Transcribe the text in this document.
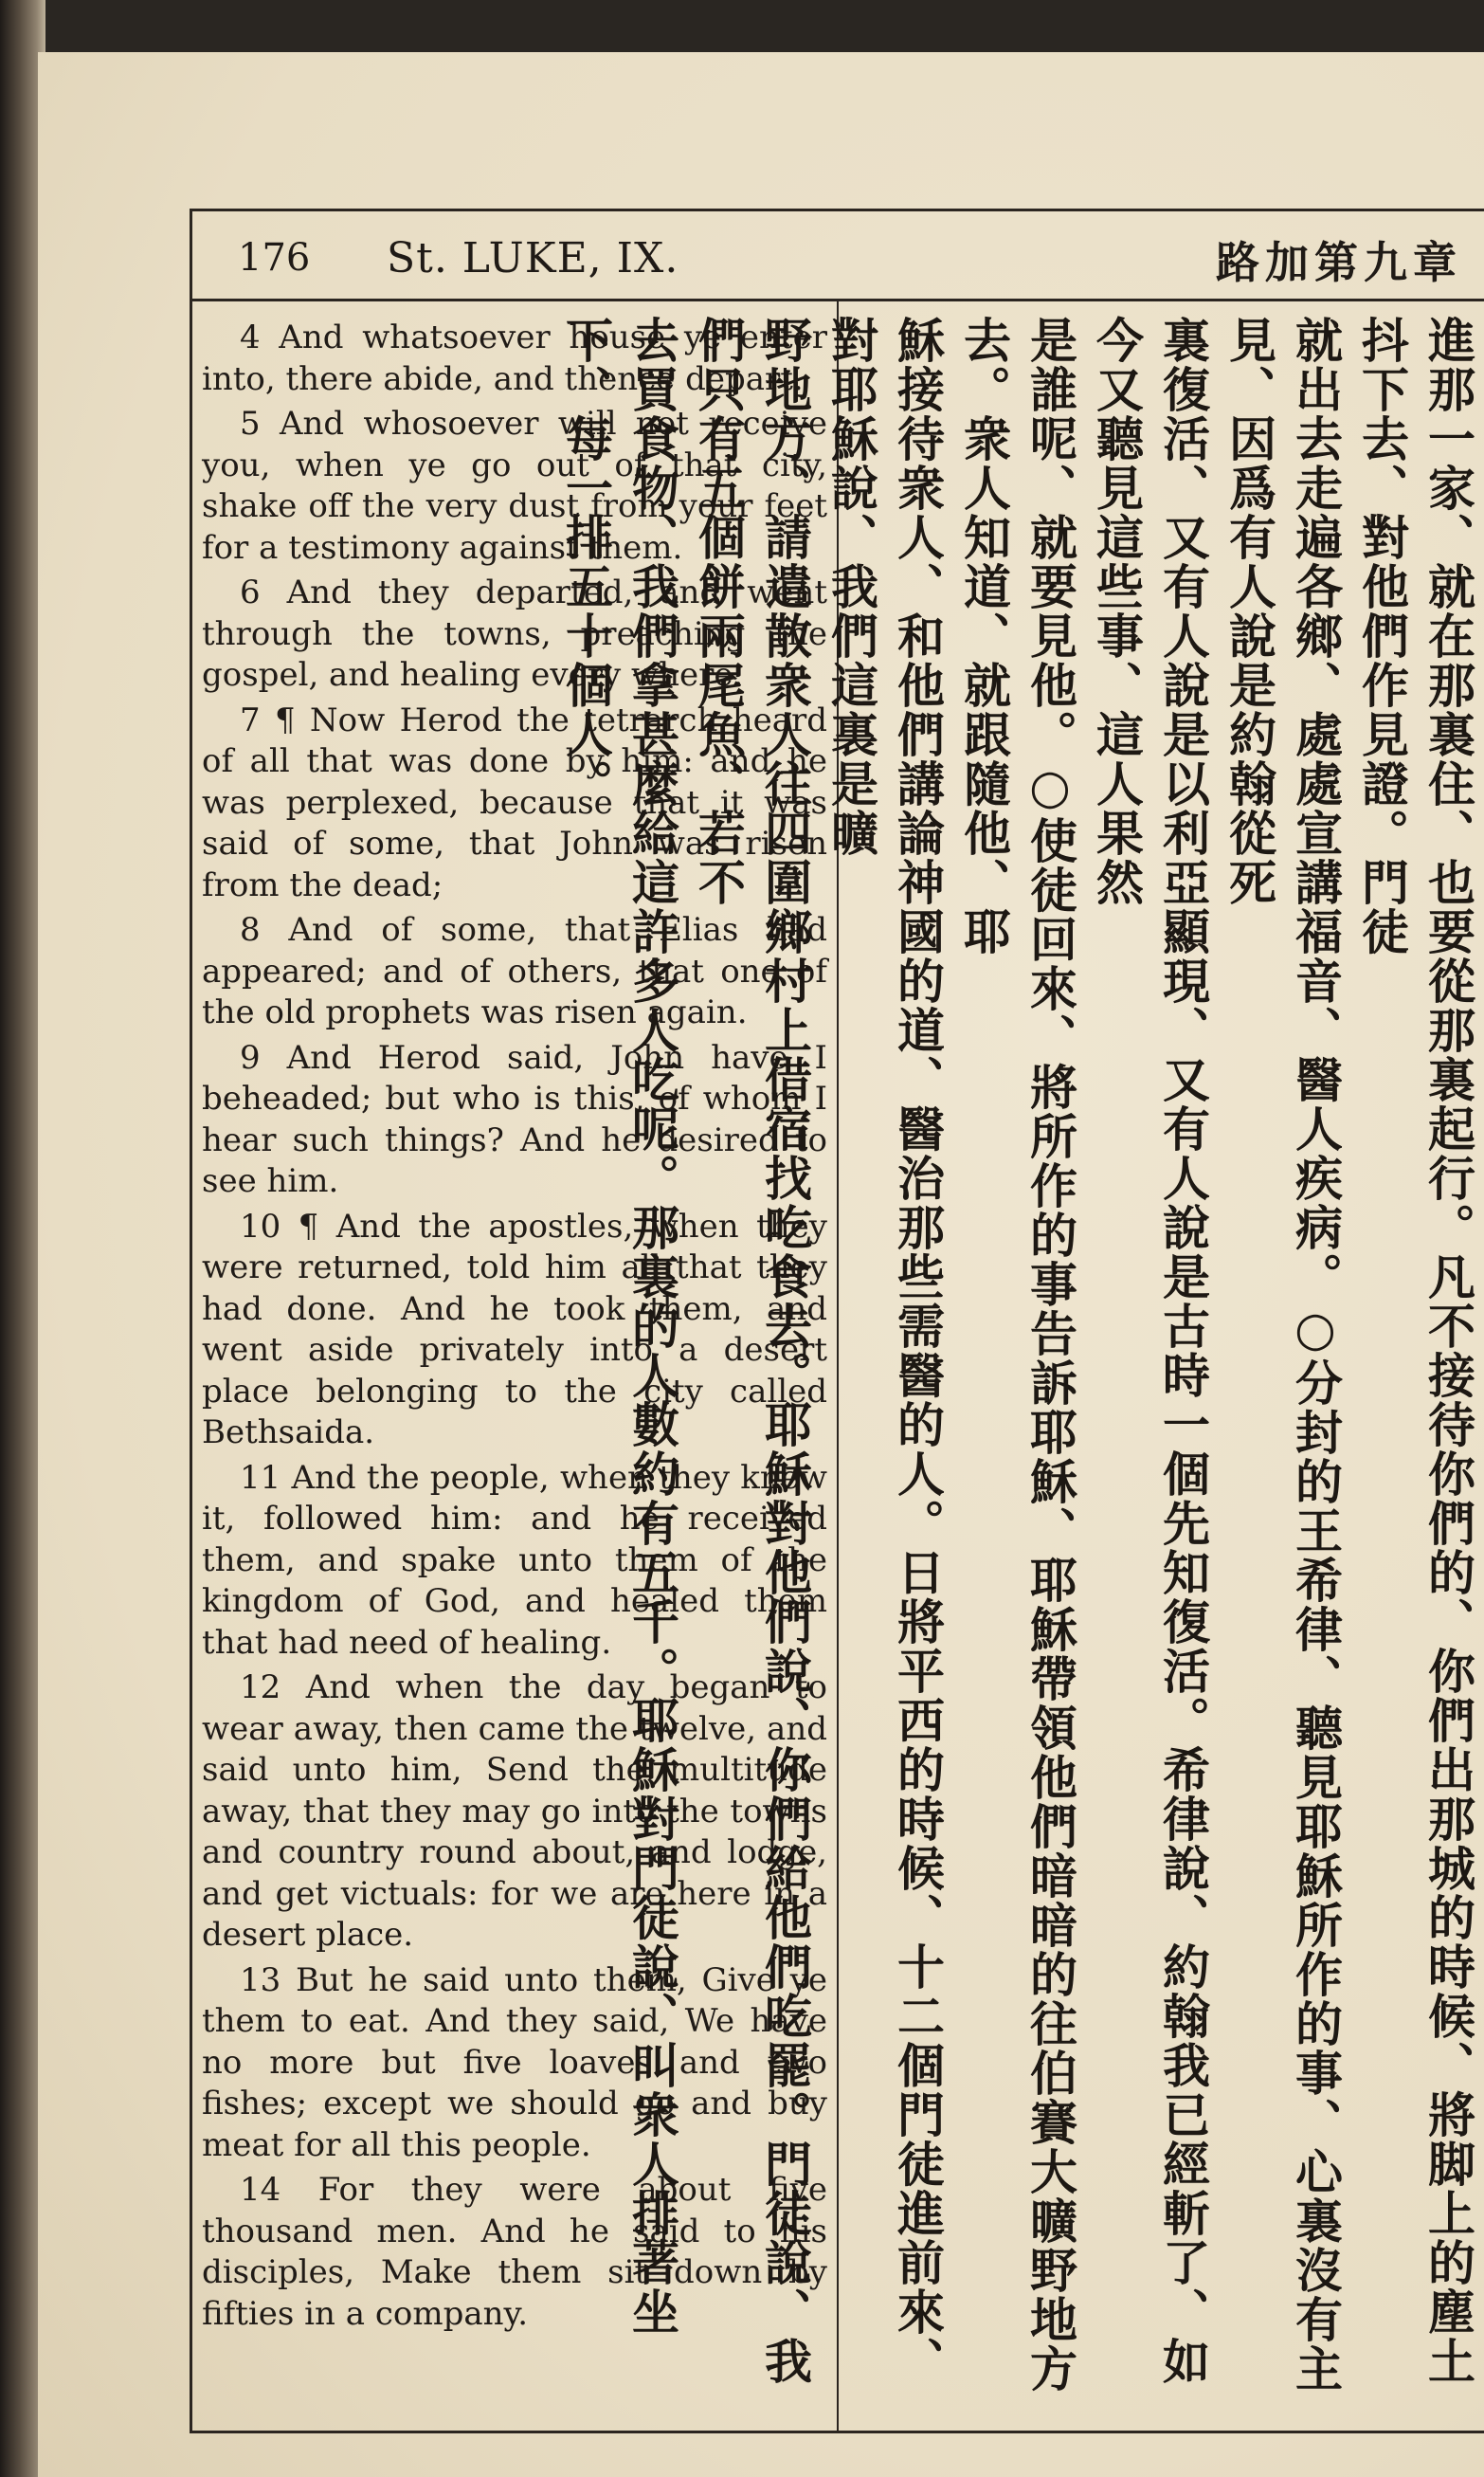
176 St. LUKE, IX.	路加第九章

4 And whatsoever house ye enter into, there abide, and thence depart.

5 And whosoever will not receive you, when ye go out of that city, shake off the very dust from your feet for a testimony against them.

6 And they departed, and went through the towns, preaching the gospel, and healing every where.

7 ¶ Now Herod the tetrarch heard of all that was done by him: and he was perplexed, because that it was said of some, that John was risen from the dead;

8 And of some, that Elias had appeared; and of others, that one of the old prophets was risen again.

9 And Herod said, John have I beheaded; but who is this, of whom I hear such things? And he desired to see him.

10 ¶ And the apostles, when they were returned, told him all that they had done. And he took them, and went aside privately into a desert place belonging to the city called Bethsaida.

11 And the people, when they knew it, followed him: and he received them, and spake unto them of the kingdom of God, and healed them that had need of healing.

12 And when the day began to wear away, then came the twelve, and said unto him, Send the multitude away, that they may go into the towns and country round about, and lodge, and get victuals: for we are here in a desert place.

13 But he said unto them, Give ye them to eat. And they said, We have no more but five loaves and two fishes; except we should go and buy meat for all this people.

14 For they were about five thousand men. And he said to his disciples, Make them sit down by fifties in a company.	進那一家、就在那裏住、也要從那裏起行。凡不接待你們的、你們出那城的時候、將脚上的塵土抖下去、對他們作見證。門徒

就出去走遍各鄉、處處宣講福音、醫人疾病。○分封的王希律、聽見耶穌所作的事、心裏沒有主見、因爲有人說是約翰從死

裏復活、又有人說是以利亞顯現、又有人說是古時一個先知復活。希律說、約翰我已經斬了、如今又聽見這些事、這人果然

是誰呢、就要見他。○使徒回來、將所作的事告訴耶穌、耶穌帶領他們暗暗的往伯賽大曠野地方去。衆人知道、就跟隨他、耶

穌接待衆人、和他們講論神國的道、醫治那些需醫的人。日將平西的時候、十二個門徒進前來、對耶穌說、我們這裏是曠

野地方、請遣散衆人往四圍鄉村上借宿找吃食去。耶穌對他們說、你們給他們吃罷。門徒說、我們只有五個餅兩尾魚、若不

去買食物、我們拿甚麼給這許多人吃呢。那裏的人數約有五千。耶穌對門徒說、叫衆人排著坐下、每一排五十個人。
